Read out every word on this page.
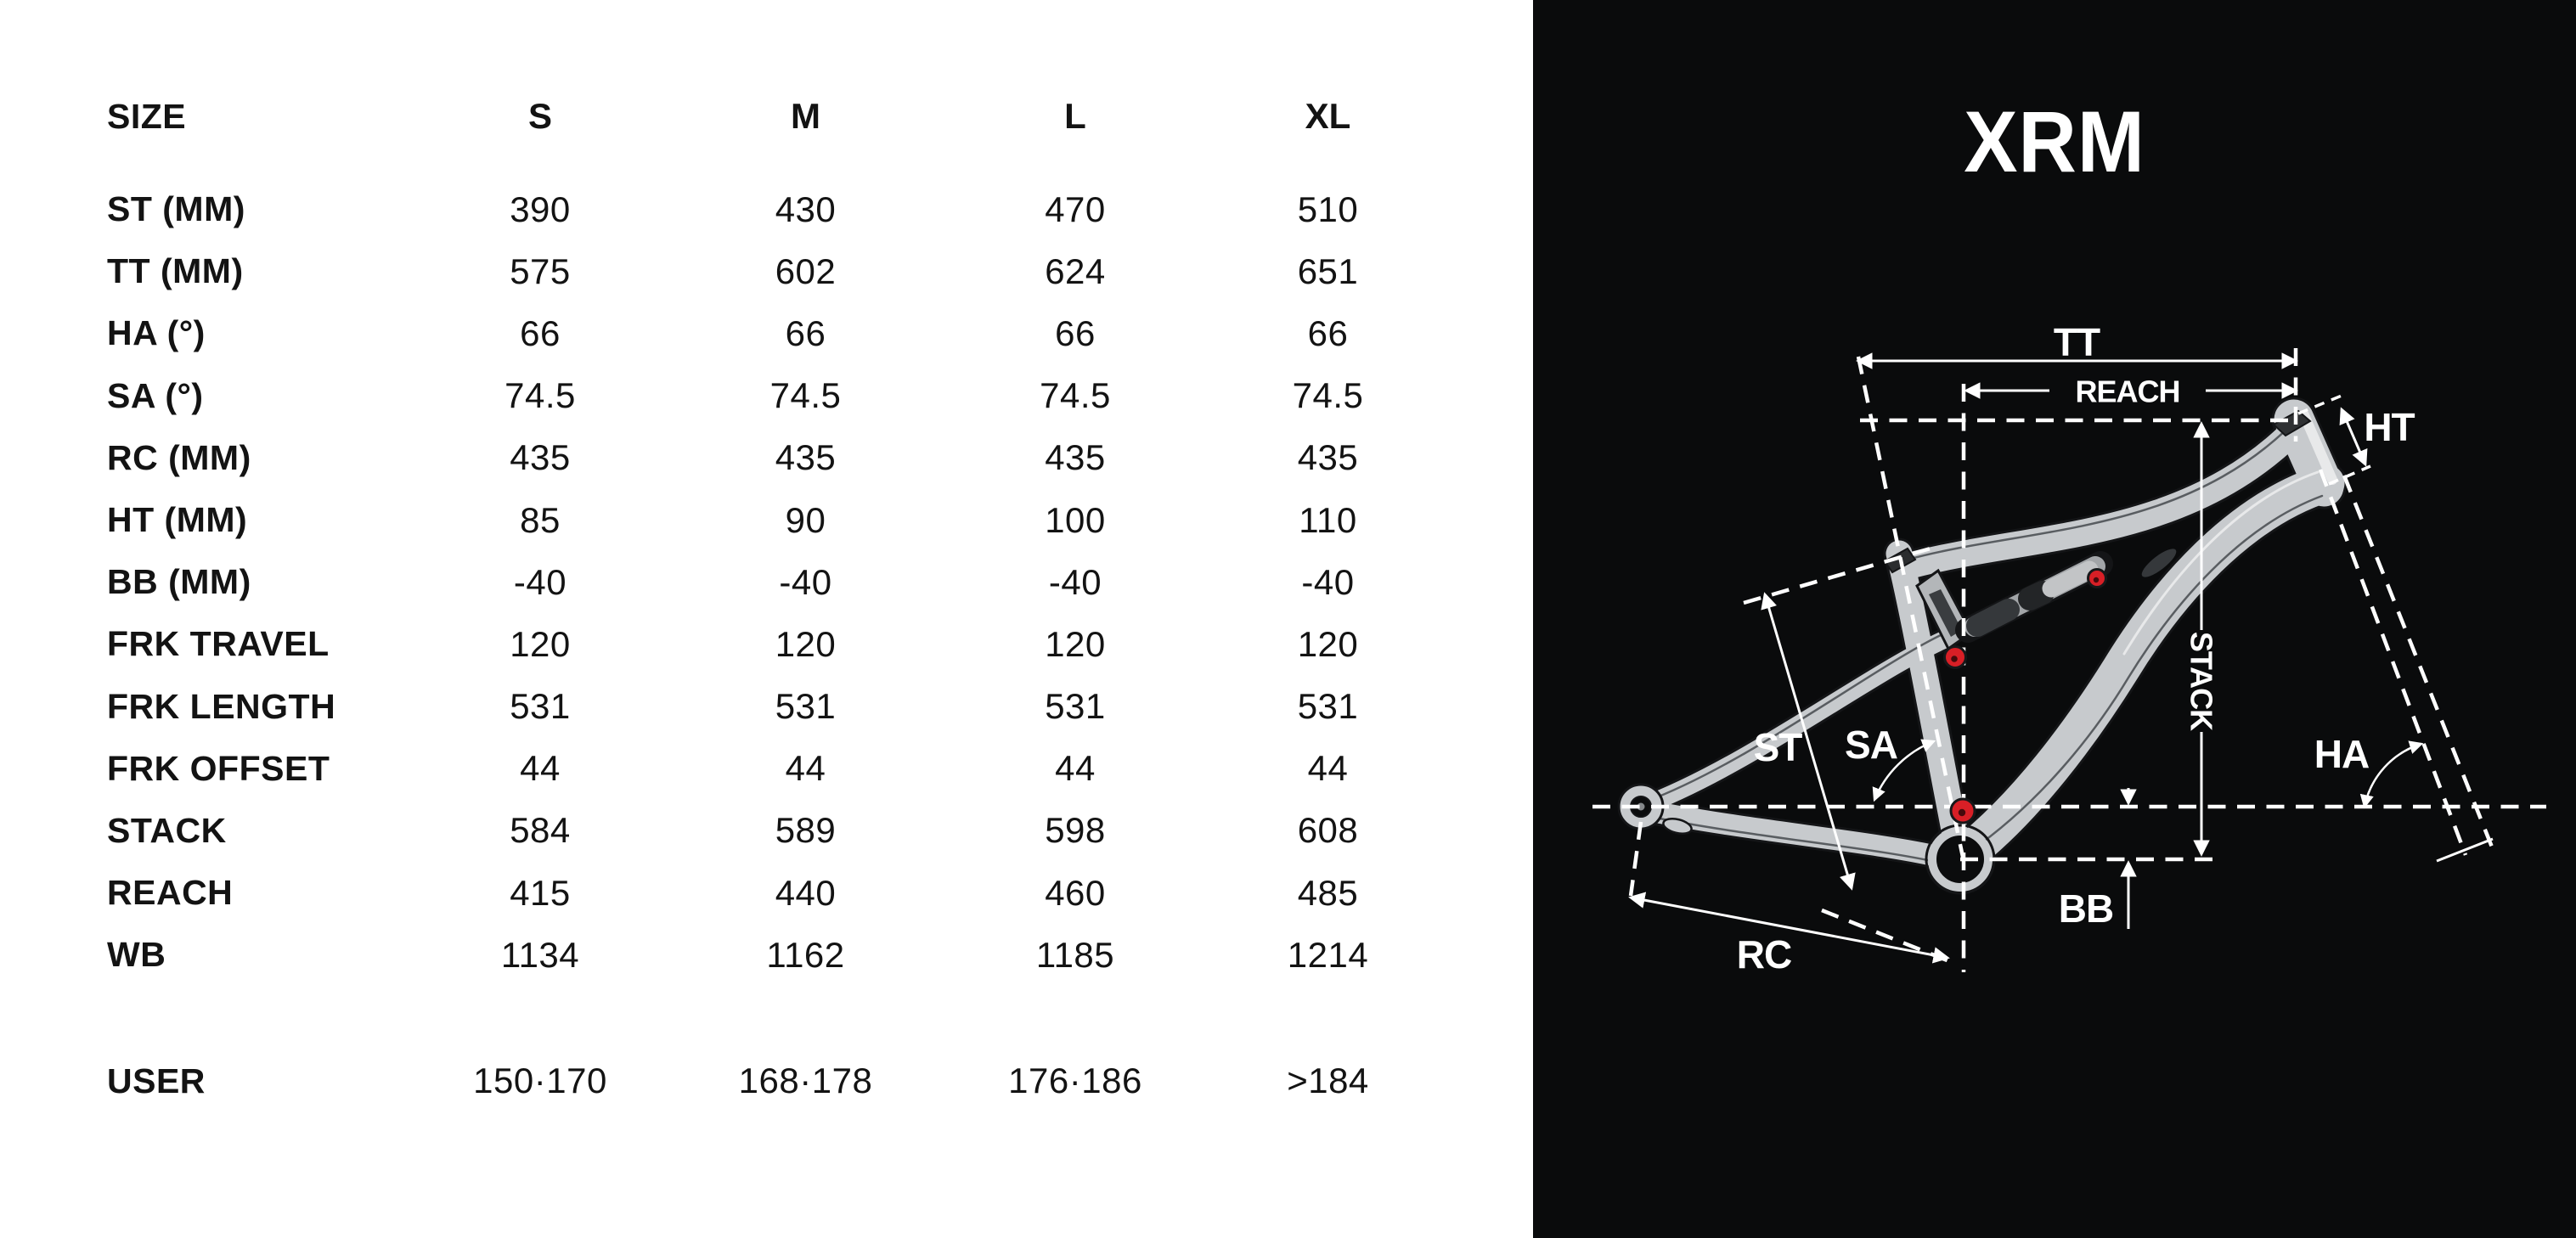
SIZE	S	M	L	XL
ST (MM)	390	430	470	510
TT (MM)	575	602	624	651
HA (°)	66	66	66	66
SA (°)	74.5	74.5	74.5	74.5
RC (MM)	435	435	435	435
HT (MM)	85	90	100	110
BB (MM)	-40	-40	-40	-40
FRK TRAVEL	120	120	120	120
FRK LENGTH	531	531	531	531
FRK OFFSET	44	44	44	44
STACK	584	589	598	608
REACH	415	440	460	485
WB	1134	1162	1185	1214
USER	150·170	168·178	176·186	>184
XRM
TT
REACH
HT
ST SA
STACK
HA
RC
BB
